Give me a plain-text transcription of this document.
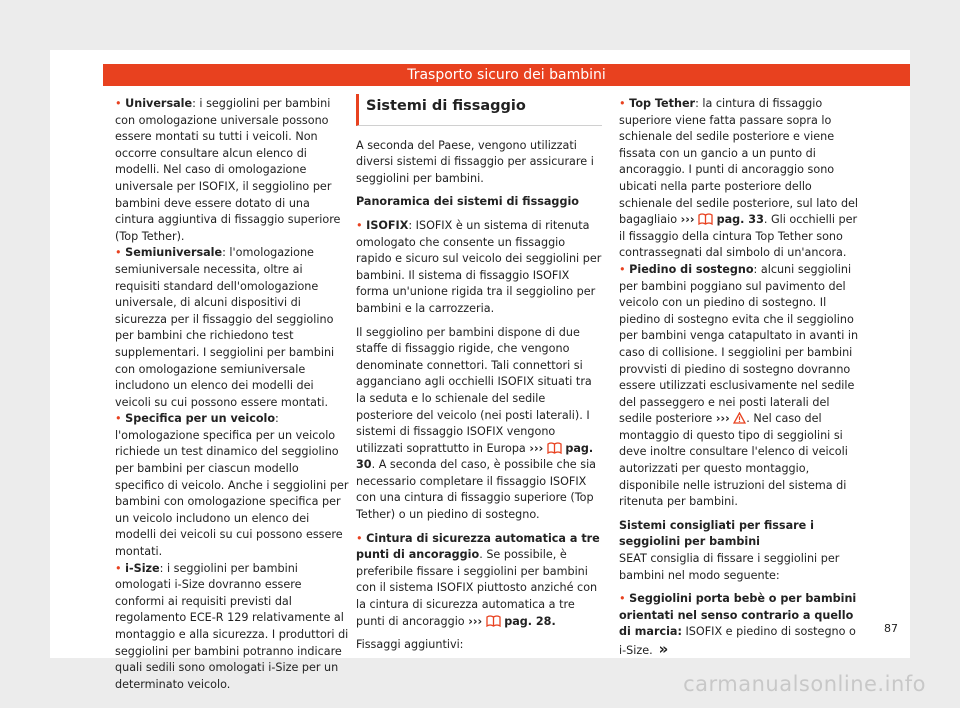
Trasporto sicuro dei bambini

• Universale: i seggiolini per bambini con omologazione universale possono essere montati su tutti i veicoli. Non occorre consultare alcun elenco di modelli. Nel caso di omologazione universale per ISOFIX, il seggiolino per bambini deve essere dotato di una cintura aggiuntiva di fissaggio superiore (Top Tether).

• Semiuniversale: l'omologazione semiuniversale necessita, oltre ai requisiti standard dell'omologazione universale, di alcuni dispositivi di sicurezza per il fissaggio del seggiolino per bambini che richiedono test supplementari. I seggiolini per bambini con omologazione semiuniversale includono un elenco dei modelli dei veicoli su cui possono essere montati.

• Specifica per un veicolo: l'omologazione specifica per un veicolo richiede un test dinamico del seggiolino per bambini per ciascun modello specifico di veicolo. Anche i seggiolini per bambini con omologazione specifica per un veicolo includono un elenco dei modelli dei veicoli su cui possono essere montati.

• i-Size: i seggiolini per bambini omologati i-Size dovranno essere conformi ai requisiti previsti dal regolamento ECE-R 129 relativamente al montaggio e alla sicurezza. I produttori di seggiolini per bambini potranno indicare quali sedili sono omologati i-Size per un determinato veicolo.

Sistemi di fissaggio

A seconda del Paese, vengono utilizzati diversi sistemi di fissaggio per assicurare i seggiolini per bambini.

Panoramica dei sistemi di fissaggio

• ISOFIX: ISOFIX è un sistema di ritenuta omologato che consente un fissaggio rapido e sicuro sul veicolo dei seggiolini per bambini. Il sistema di fissaggio ISOFIX forma un'unione rigida tra il seggiolino per bambini e la carrozzeria.

Il seggiolino per bambini dispone di due staffe di fissaggio rigide, che vengono denominate connettori. Tali connettori si agganciano agli occhielli ISOFIX situati tra la seduta e lo schienale del sedile posteriore del veicolo (nei posti laterali). I sistemi di fissaggio ISOFIX vengono utilizzati soprattutto in Europa ››› pag. 30. A seconda del caso, è possibile che sia necessario completare il fissaggio ISOFIX con una cintura di fissaggio superiore (Top Tether) o un piedino di sostegno.

• Cintura di sicurezza automatica a tre punti di ancoraggio. Se possibile, è preferibile fissare i seggiolini per bambini con il sistema ISOFIX piuttosto anziché con la cintura di sicurezza automatica a tre punti di ancoraggio ››› pag. 28.

Fissaggi aggiuntivi:

• Top Tether: la cintura di fissaggio superiore viene fatta passare sopra lo schienale del sedile posteriore e viene fissata con un gancio a un punto di ancoraggio. I punti di ancoraggio sono ubicati nella parte posteriore dello schienale del sedile posteriore, sul lato del bagagliaio ››› pag. 33. Gli occhielli per il fissaggio della cintura Top Tether sono contrassegnati dal simbolo di un'ancora.

• Piedino di sostegno: alcuni seggiolini per bambini poggiano sul pavimento del veicolo con un piedino di sostegno. Il piedino di sostegno evita che il seggiolino per bambini venga catapultato in avanti in caso di collisione. I seggiolini per bambini provvisti di piedino di sostegno dovranno essere utilizzati esclusivamente nel sedile del passeggero e nei posti laterali del sedile posteriore ››› . Nel caso del montaggio di questo tipo di seggiolini si deve inoltre consultare l'elenco di veicoli autorizzati per questo montaggio, disponibile nelle istruzioni del sistema di ritenuta per bambini.

Sistemi consigliati per fissare i seggiolini per bambini

SEAT consiglia di fissare i seggiolini per bambini nel modo seguente:

• Seggiolini porta bebè o per bambini orientati nel senso contrario a quello di marcia: ISOFIX e piedino di sostegno o i-Size. »

87
carmanualsonline.info
